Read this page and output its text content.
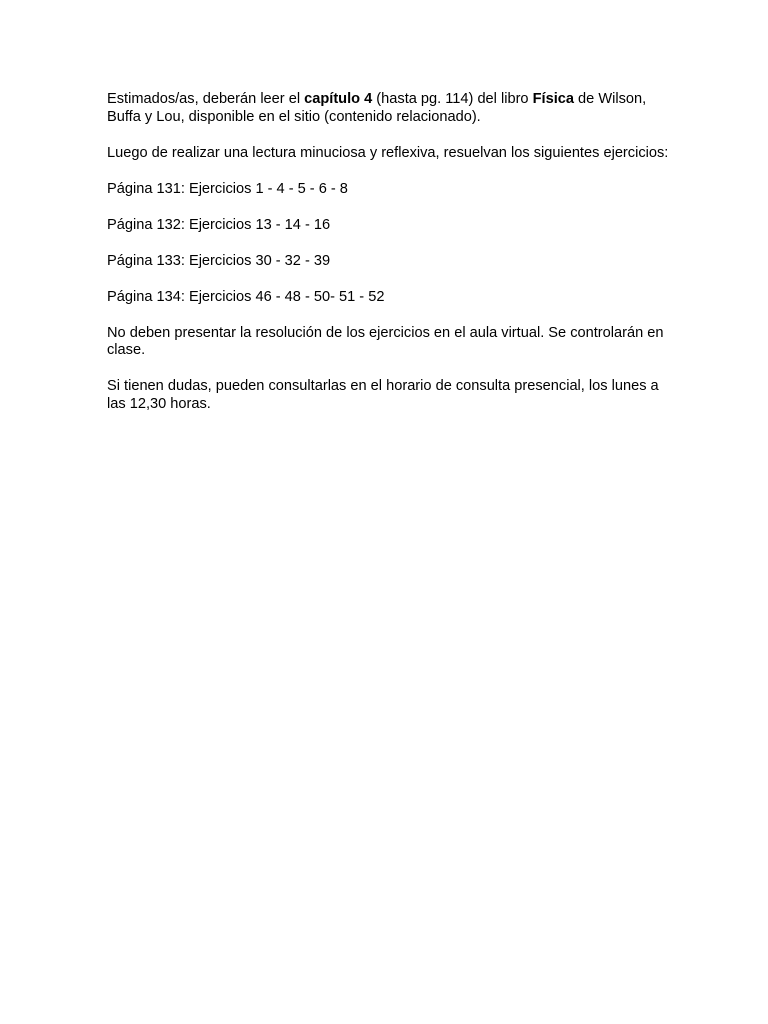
Estimados/as, deberán leer el capítulo 4 (hasta pg. 114) del libro Física de Wilson, Buffa y Lou, disponible en el sitio (contenido relacionado).

Luego de realizar una lectura minuciosa y reflexiva, resuelvan los siguientes ejercicios:

Página 131: Ejercicios 1 - 4 - 5 - 6 - 8

Página 132: Ejercicios 13 - 14 - 16

Página 133: Ejercicios 30 - 32 - 39

Página 134: Ejercicios 46 - 48 - 50- 51 - 52

No deben presentar la resolución de los ejercicios en el aula virtual. Se controlarán en clase.

Si tienen dudas, pueden consultarlas en el horario de consulta presencial, los lunes a las 12,30 horas.
